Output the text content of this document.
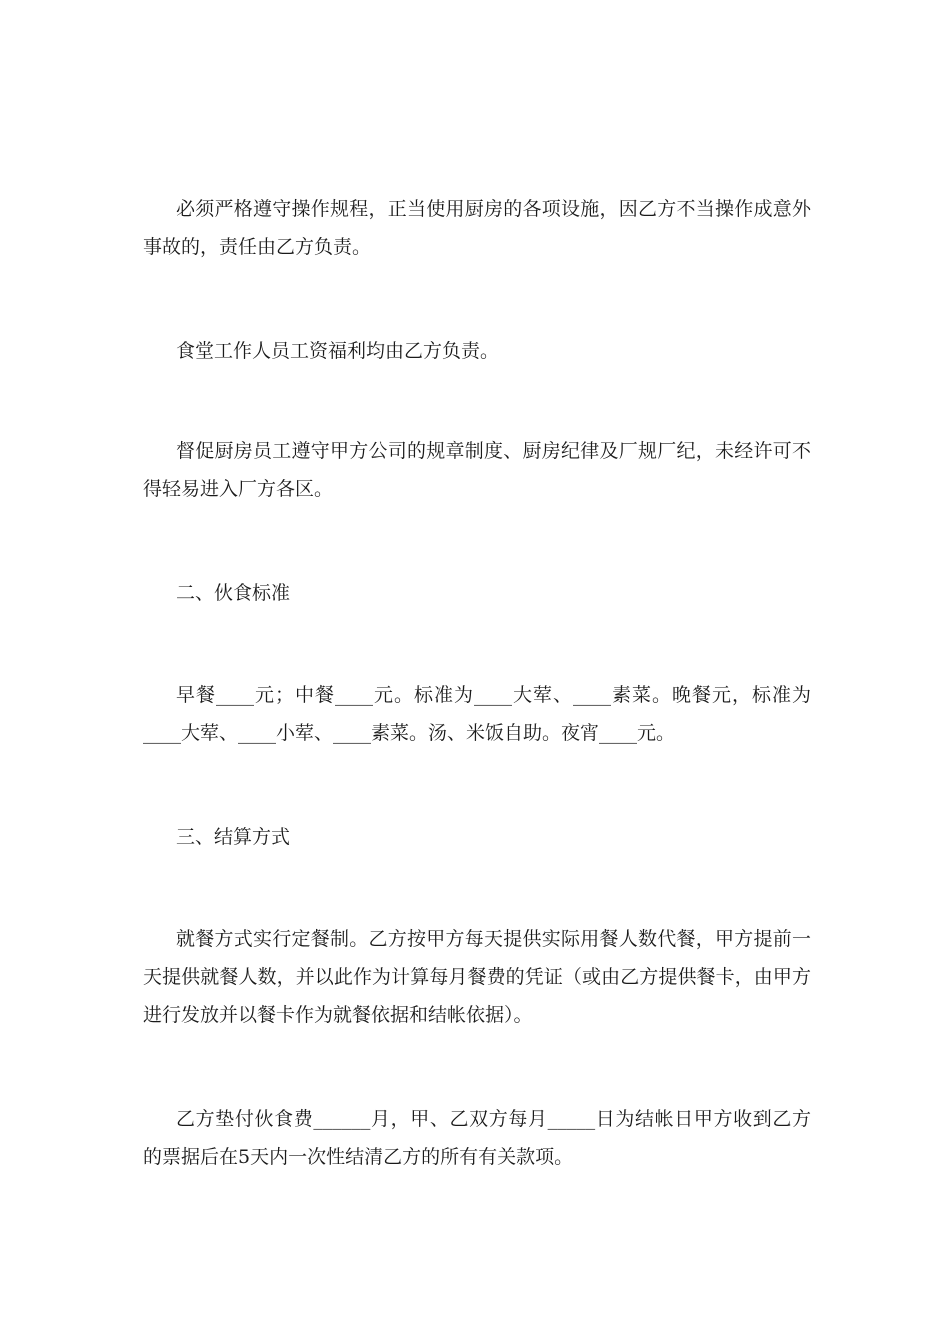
必须严格遵守操作规程，正当使用厨房的各项设施，因乙方不当操作成意外事故的，责任由乙方负责。

食堂工作人员工资福利均由乙方负责。

督促厨房员工遵守甲方公司的规章制度、厨房纪律及厂规厂纪，未经许可不得轻易进入厂方各区。

二、伙食标准

早餐____元；中餐____元。标准为____大荤、____素菜。晚餐元，标准为____大荤、____小荤、____素菜。汤、米饭自助。夜宵____元。

三、结算方式

就餐方式实行定餐制。乙方按甲方每天提供实际用餐人数代餐，甲方提前一天提供就餐人数，并以此作为计算每月餐费的凭证（或由乙方提供餐卡，由甲方进行发放并以餐卡作为就餐依据和结帐依据）。

乙方垫付伙食费______月，甲、乙双方每月_____日为结帐日甲方收到乙方的票据后在5天内一次性结清乙方的所有有关款项。
